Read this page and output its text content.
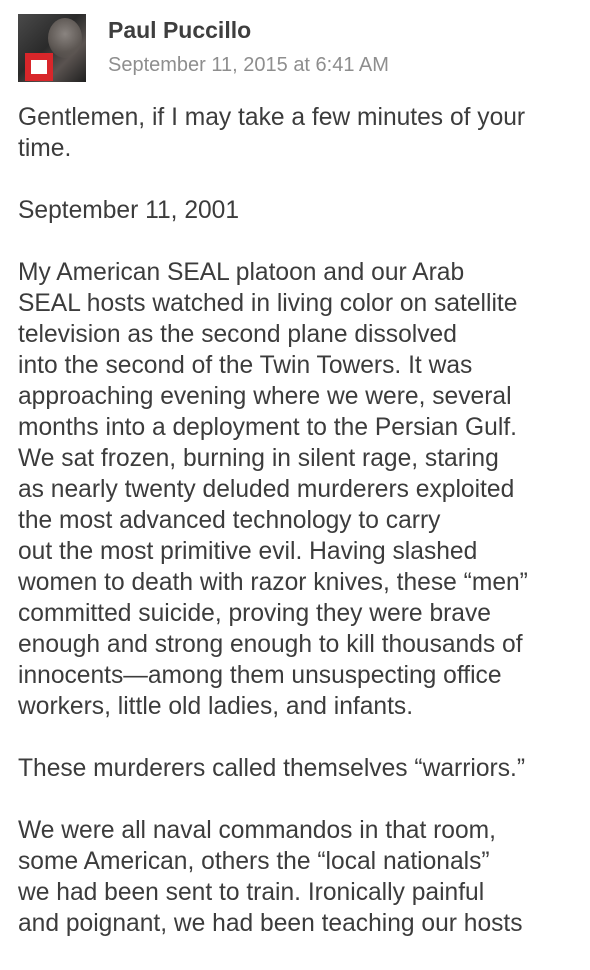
Paul Puccillo
September 11, 2015 at 6:41 AM

Gentlemen, if I may take a few minutes of your
time.

September 11, 2001

My American SEAL platoon and our Arab
SEAL hosts watched in living color on satellite
television as the second plane dissolved
into the second of the Twin Towers. It was
approaching evening where we were, several
months into a deployment to the Persian Gulf.
We sat frozen, burning in silent rage, staring
as nearly twenty deluded murderers exploited
the most advanced technology to carry
out the most primitive evil. Having slashed
women to death with razor knives, these “men”
committed suicide, proving they were brave
enough and strong enough to kill thousands of
innocents—among them unsuspecting office
workers, little old ladies, and infants.

These murderers called themselves “warriors.”

We were all naval commandos in that room,
some American, others the “local nationals”
we had been sent to train. Ironically painful
and poignant, we had been teaching our hosts
